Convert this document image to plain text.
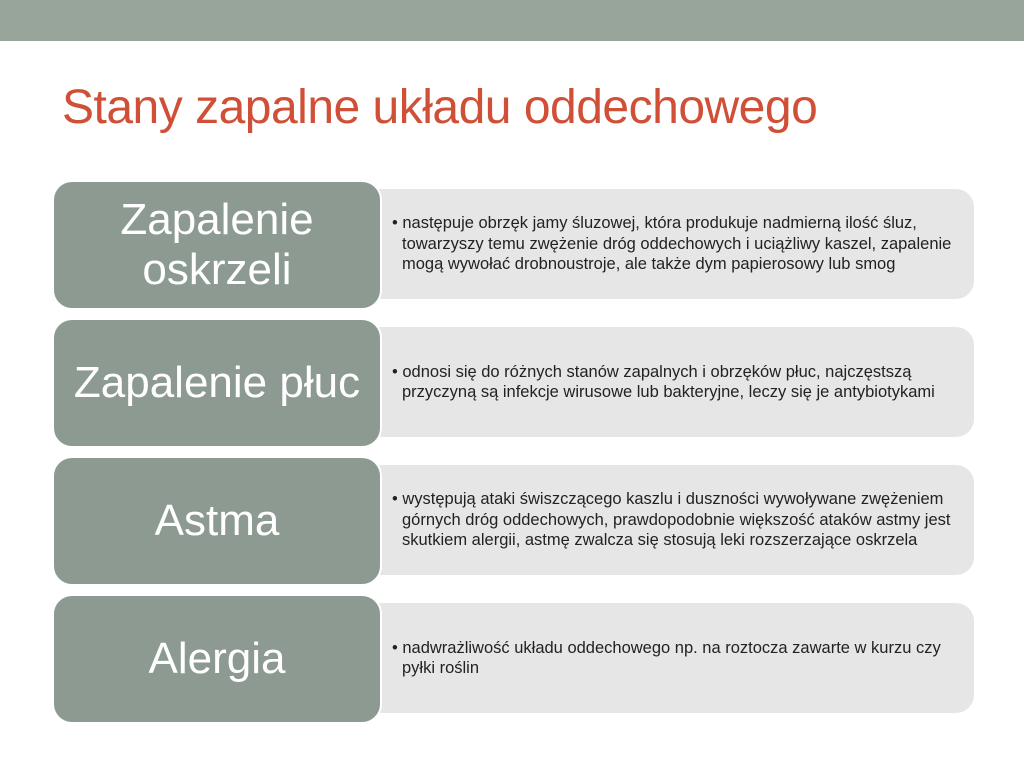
Stany zapalne układu oddechowego

• następuje obrzęk jamy śluzowej, która produkuje nadmierną ilość śluz, towarzyszy temu zwężenie dróg oddechowych i uciążliwy kaszel, zapalenie mogą wywołać drobnoustroje, ale także dym papierosowy lub smog

Zapalenie oskrzeli

• odnosi się do różnych stanów zapalnych i obrzęków płuc, najczęstszą przyczyną są infekcje wirusowe lub bakteryjne, leczy się je antybiotykami

Zapalenie płuc

• występują ataki świszczącego kaszlu i duszności wywoływane zwężeniem górnych dróg oddechowych, prawdopodobnie większość ataków astmy jest skutkiem alergii, astmę zwalcza się stosują leki rozszerzające oskrzela

Astma

• nadwrażliwość układu oddechowego np. na roztocza zawarte w kurzu czy pyłki roślin

Alergia
